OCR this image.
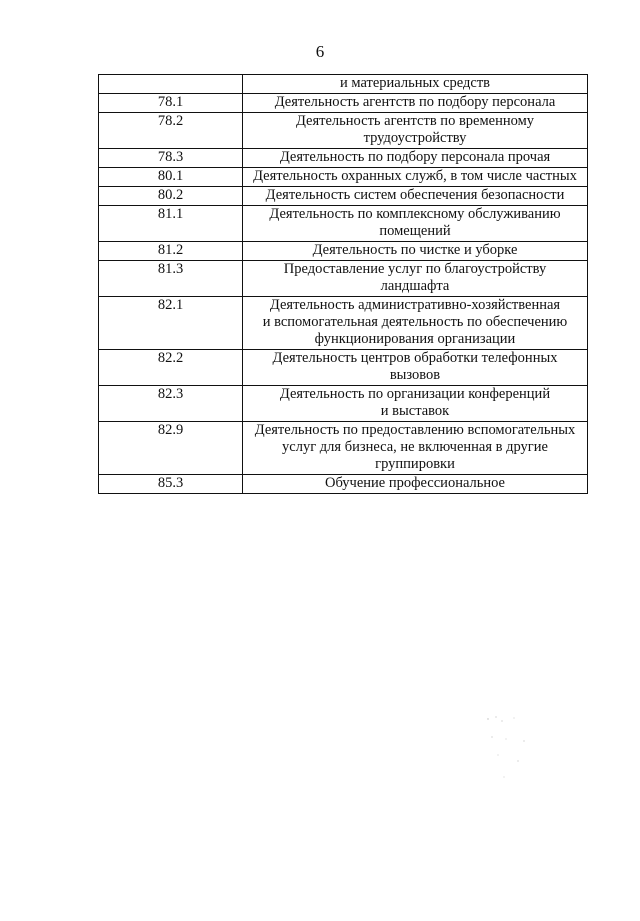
6
	и материальных средств
78.1	Деятельность агентств по подбору персонала
78.2	Деятельность агентств по временному
трудоустройству
78.3	Деятельность по подбору персонала прочая
80.1	Деятельность охранных служб, в том числе частных
80.2	Деятельность систем обеспечения безопасности
81.1	Деятельность по комплексному обслуживанию
помещений
81.2	Деятельность по чистке и уборке
81.3	Предоставление услуг по благоустройству
ландшафта
82.1	Деятельность административно-хозяйственная
и вспомогательная деятельность по обеспечению
функционирования организации
82.2	Деятельность центров обработки телефонных
вызовов
82.3	Деятельность по организации конференций
и выставок
82.9	Деятельность по предоставлению вспомогательных
услуг для бизнеса, не включенная в другие
группировки
85.3	Обучение профессиональное
